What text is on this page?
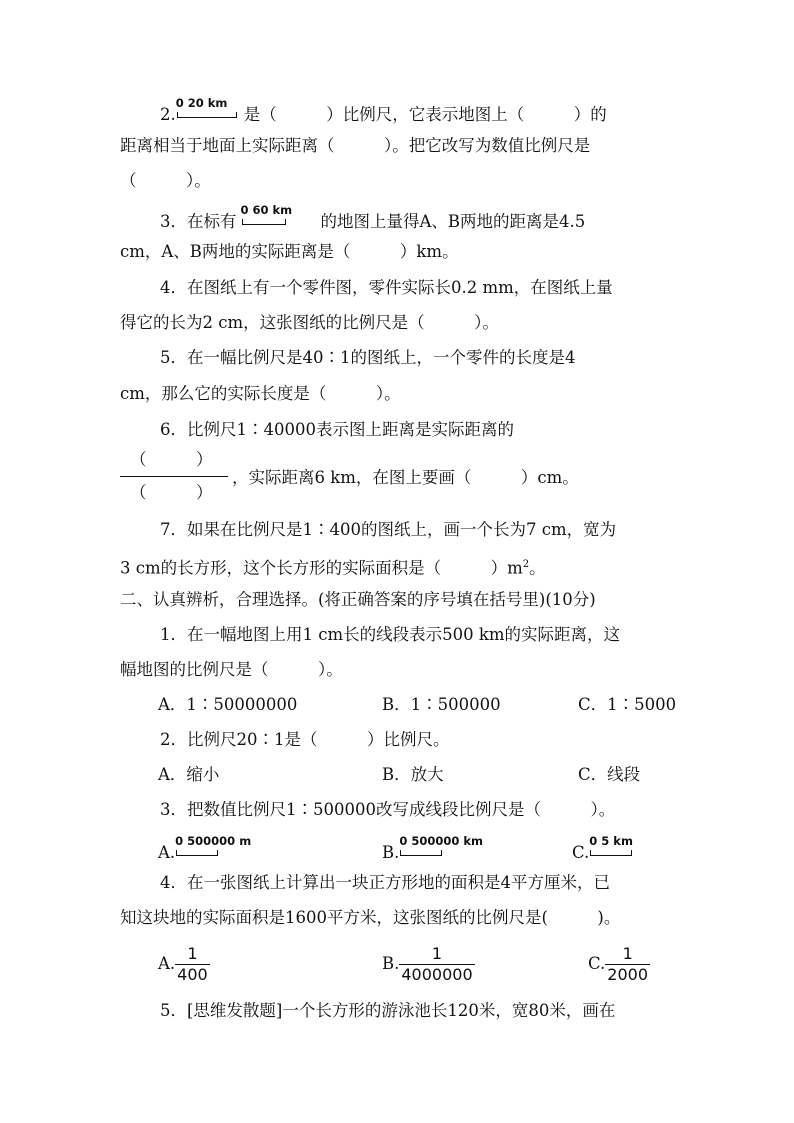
2.
0 20 km
是（　　　）比例尺，它表示地图上（　　　）的
距离相当于地面上实际距离（　　　）。把它改写为数值比例尺是
（　　　）。
3．在标有
0 60 km
的地图上量得A、B两地的距离是4.5
cm，A、B两地的实际距离是（　　　）km。
4．在图纸上有一个零件图，零件实际长0.2 mm，在图纸上量
得它的长为2 cm，这张图纸的比例尺是（　　　）。
5．在一幅比例尺是40∶1的图纸上，一个零件的长度是4
cm，那么它的实际长度是（　　　）。
6．比例尺1∶40000表示图上距离是实际距离的
（　　　）
（　　　）
，实际距离6 km，在图上要画（　　　）cm。
7．如果在比例尺是1∶400的图纸上，画一个长为7 cm，宽为
3 cm的长方形，这个长方形的实际面积是（　　　）$m^2$。
二、认真辨析，合理选择。(将正确答案的序号填在括号里)(10分)
1．在一幅地图上用1 cm长的线段表示500 km的实际距离，这
幅地图的比例尺是（　　　）。
A．1∶50000000	B．1∶500000	C．1∶5000
2．比例尺20∶1是（　　　）比例尺。
A．缩小	B．放大	C．线段
3．把数值比例尺1∶500000改写成线段比例尺是（　　　）。
A.
0 500000 m
B.
0 500000 km
C.
0 5 km
4．在一张图纸上计算出一块正方形地的面积是4平方厘米，已
知这块地的实际面积是1600平方米，这张图纸的比例尺是(　　　)。
A. $\frac{1}{400}$	B. $\frac{1}{4000000}$	C. $\frac{1}{2000}$
5．[思维发散题]一个长方形的游泳池长120米，宽80米，画在
